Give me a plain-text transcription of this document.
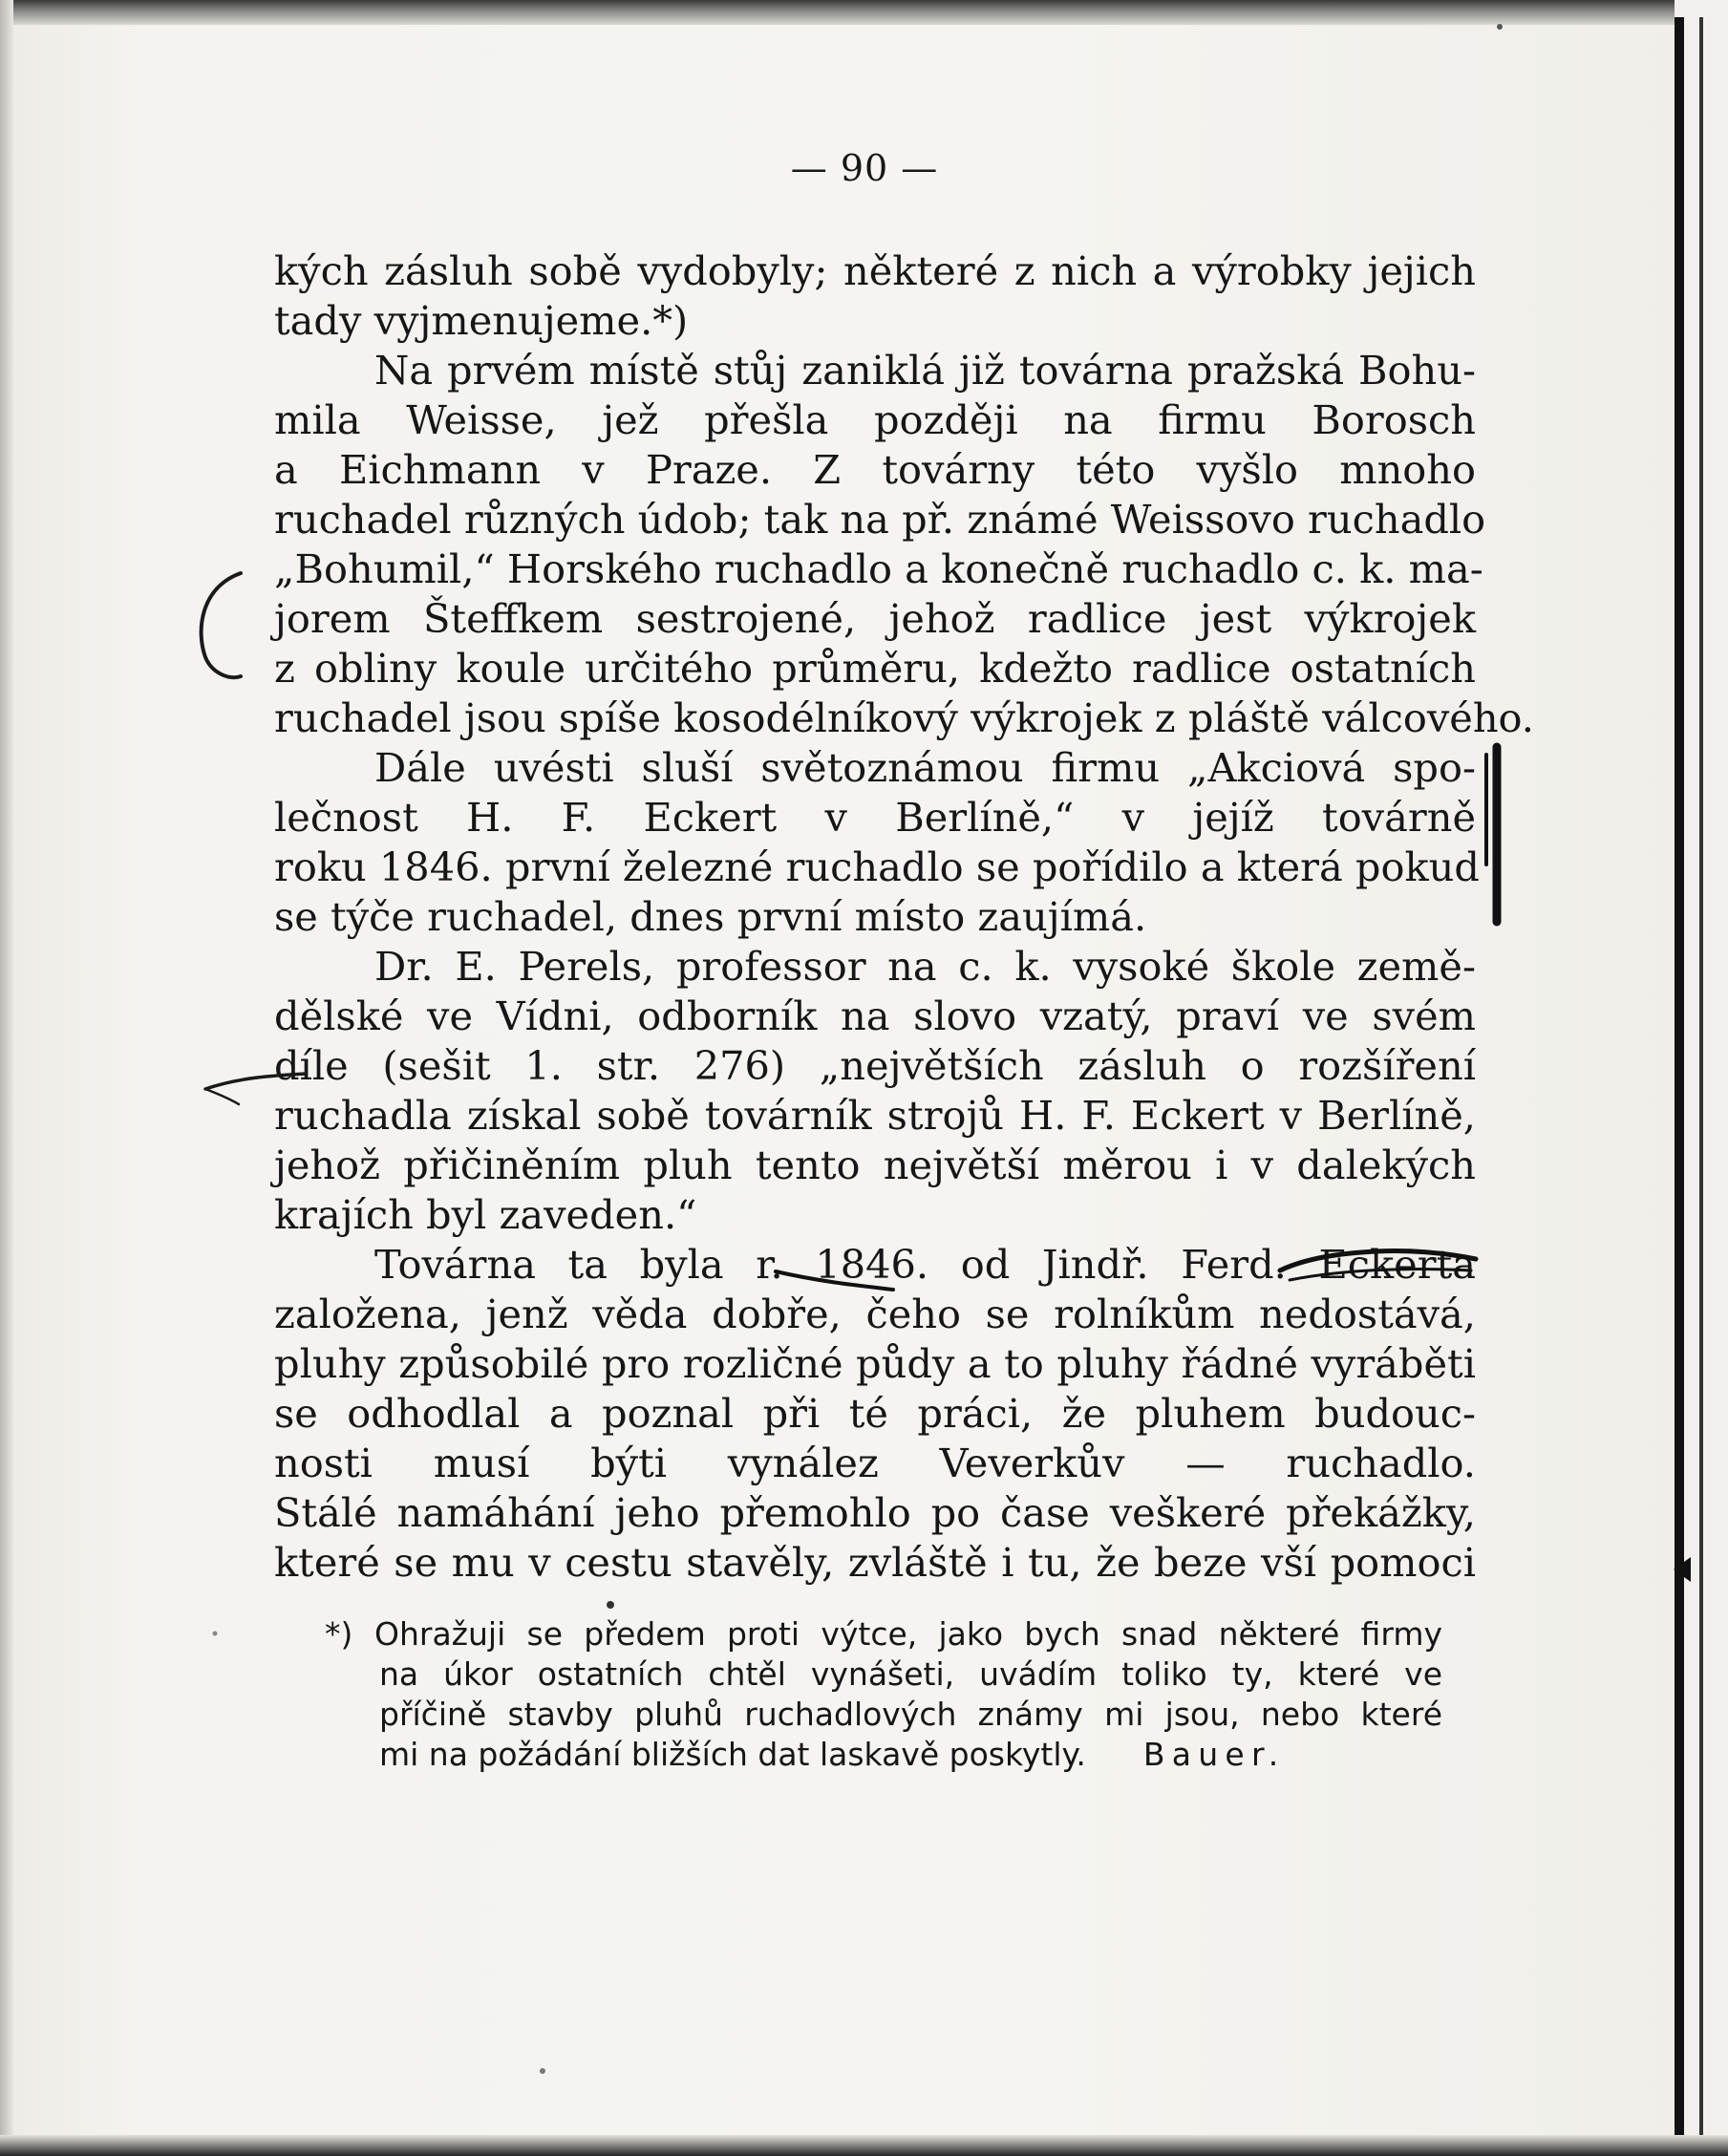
— 90 —
kých zásluh sobě vydobyly; některé z nich a výrobky jejich
tady vyjmenujeme.*)
Na prvém místě stůj zaniklá již továrna pražská Bohu-
mila Weisse, jež přešla později na firmu Borosch
a Eichmann v Praze. Z továrny této vyšlo mnoho
ruchadel různých údob; tak na př. známé Weissovo ruchadlo
„Bohumil,“ Horského ruchadlo a konečně ruchadlo c. k. ma-
jorem Šteffkem sestrojené, jehož radlice jest výkrojek
z obliny koule určitého průměru, kdežto radlice ostatních
ruchadel jsou spíše kosodélníkový výkrojek z pláště válcového.
Dále uvésti sluší světoznámou firmu „Akciová spo-
lečnost H. F. Eckert v Berlíně,“ v jejíž továrně
roku 1846. první železné ruchadlo se pořídilo a která pokud
se týče ruchadel, dnes první místo zaujímá.
Dr. E. Perels, professor na c. k. vysoké škole země-
dělské ve Vídni, odborník na slovo vzatý, praví ve svém
díle (sešit 1. str. 276) „největších zásluh o rozšíření
ruchadla získal sobě továrník strojů H. F. Eckert v Berlíně,
jehož přičiněním pluh tento největší měrou i v dalekých
krajích byl zaveden.“
Továrna ta byla r. 1846. od Jindř. Ferd. Eckerta
založena, jenž věda dobře, čeho se rolníkům nedostává,
pluhy způsobilé pro rozličné půdy a to pluhy řádné vyráběti
se odhodlal a poznal při té práci, že pluhem budouc-
nosti musí býti vynález Veverkův — ruchadlo.
Stálé namáhání jeho přemohlo po čase veškeré překážky,
které se mu v cestu stavěly, zvláště i tu, že beze vší pomoci
*) Ohražuji se předem proti výtce, jako bych snad některé firmy
na úkor ostatních chtěl vynášeti, uvádím toliko ty, které ve
příčině stavby pluhů ruchadlových známy mi jsou, nebo které
mi na požádání bližších dat laskavě poskytly. Bauer.
